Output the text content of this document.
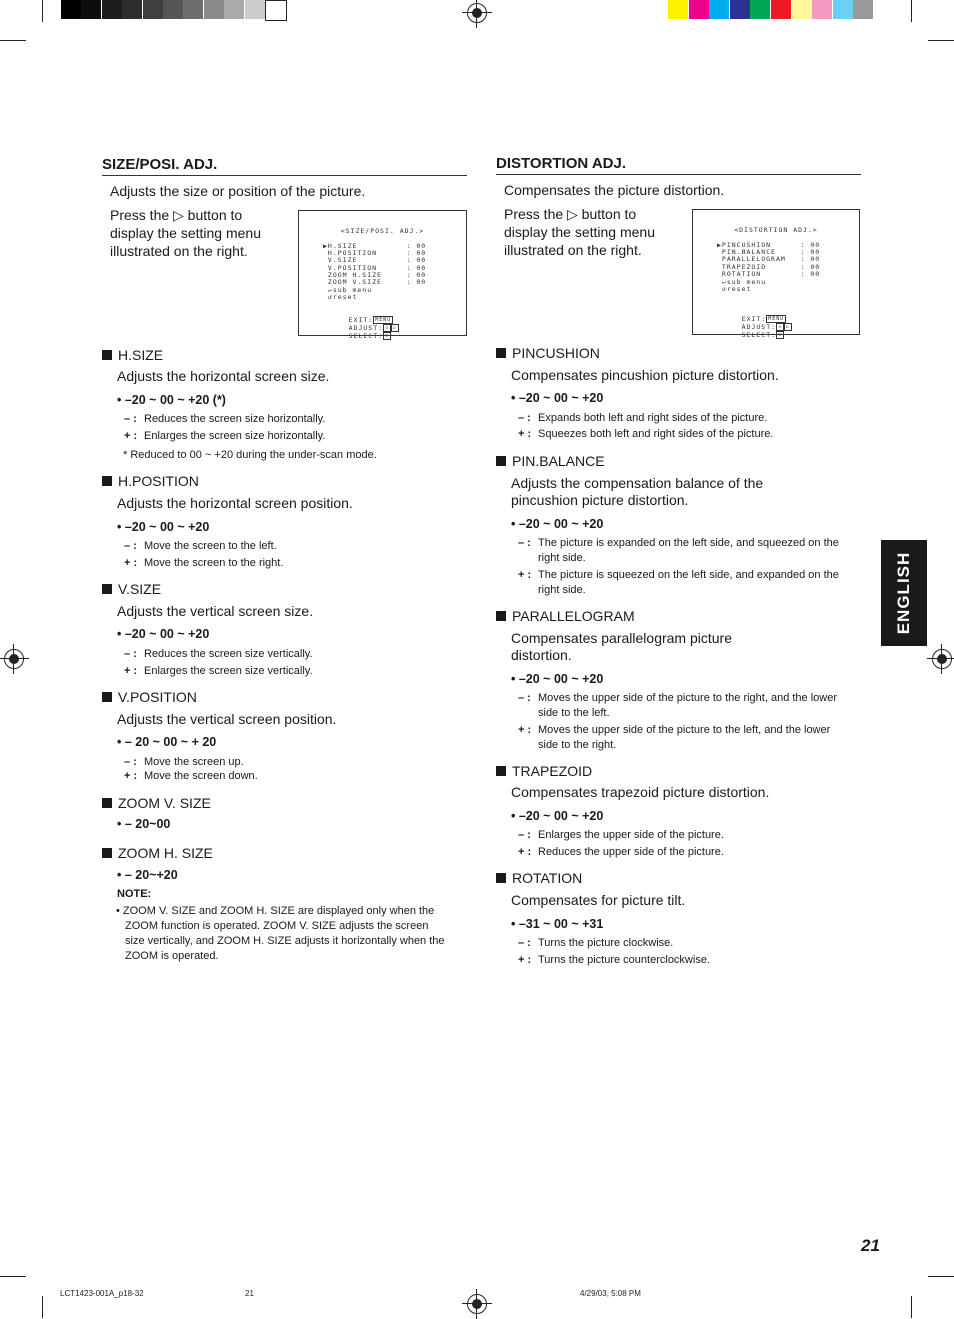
SIZE/POSI. ADJ.
Adjusts the size or position of the picture.
Press the ▷ button to
display the setting menu
illustrated on the right.
<SIZE/POSI. ADJ.>
▶H.SIZE          : 00
H.POSITION      : 00
V.SIZE          : 00
V.POSITION      : 00
ZOOM H.SIZE     : 00
ZOOM V.SIZE     : 00
↵sub menu
↺reset

EXIT: MENU
ADJUST: ◁ ▷
SELECT: ▽

H.SIZE
Adjusts the horizontal screen size.
• –20 ~ 00 ~ +20 (*)
– : Reduces the screen size horizontally.
+ : Enlarges the screen size horizontally.
* Reduced to 00 ~ +20 during the under-scan mode.
H.POSITION
Adjusts the horizontal screen position.
• –20 ~ 00 ~ +20
– : Move the screen to the left.
+ : Move the screen to the right.
V.SIZE
Adjusts the vertical screen size.
• –20 ~ 00 ~ +20
– : Reduces the screen size vertically.
+ : Enlarges the screen size vertically.
V.POSITION
Adjusts the vertical screen position.
• – 20 ~ 00 ~ + 20
– : Move the screen up.
+ : Move the screen down.
ZOOM V. SIZE
• – 20~00
ZOOM H. SIZE
• – 20~+20
NOTE:
• ZOOM V. SIZE and ZOOM H. SIZE are displayed only when the
ZOOM function is operated. ZOOM V. SIZE adjusts the screen
size vertically, and ZOOM H. SIZE adjusts it horizontally when the
ZOOM is operated.
DISTORTION ADJ.
Compensates the picture distortion.
Press the ▷ button to
display the setting menu
illustrated on the right.
<DISTORTION ADJ.>
▶PINCUSHION      : 00
PIN.BALANCE     : 00
PARALLELOGRAM   : 00
TRAPEZOID       : 00
ROTATION        : 00
↵sub menu
↺reset

EXIT: MENU
ADJUST: ◁ ▷
SELECT: ▽

PINCUSHION
Compensates pincushion picture distortion.
• –20 ~ 00 ~ +20
– : Expands both left and right sides of the picture.
+ : Squeezes both left and right sides of the picture.
PIN.BALANCE
Adjusts the compensation balance of the
pincushion picture distortion.
• –20 ~ 00 ~ +20
– : The picture is expanded on the left side, and squeezed on the
right side.
+ : The picture is squeezed on the left side, and expanded on the
right side.
PARALLELOGRAM
Compensates parallelogram picture
distortion.
• –20 ~ 00 ~ +20
– : Moves the upper side of the picture to the right, and the lower
side to the left.
+ : Moves the upper side of the picture to the left, and the lower
side to the right.
TRAPEZOID
Compensates trapezoid picture distortion.
• –20 ~ 00 ~ +20
– : Enlarges the upper side of the picture.
+ : Reduces the upper side of the picture.
ROTATION
Compensates for picture tilt.
• –31 ~ 00 ~ +31
– : Turns the picture clockwise.
+ : Turns the picture counterclockwise.
ENGLISH
21
LCT1423-001A_p18-32	21	4/29/03, 5:08 PM
